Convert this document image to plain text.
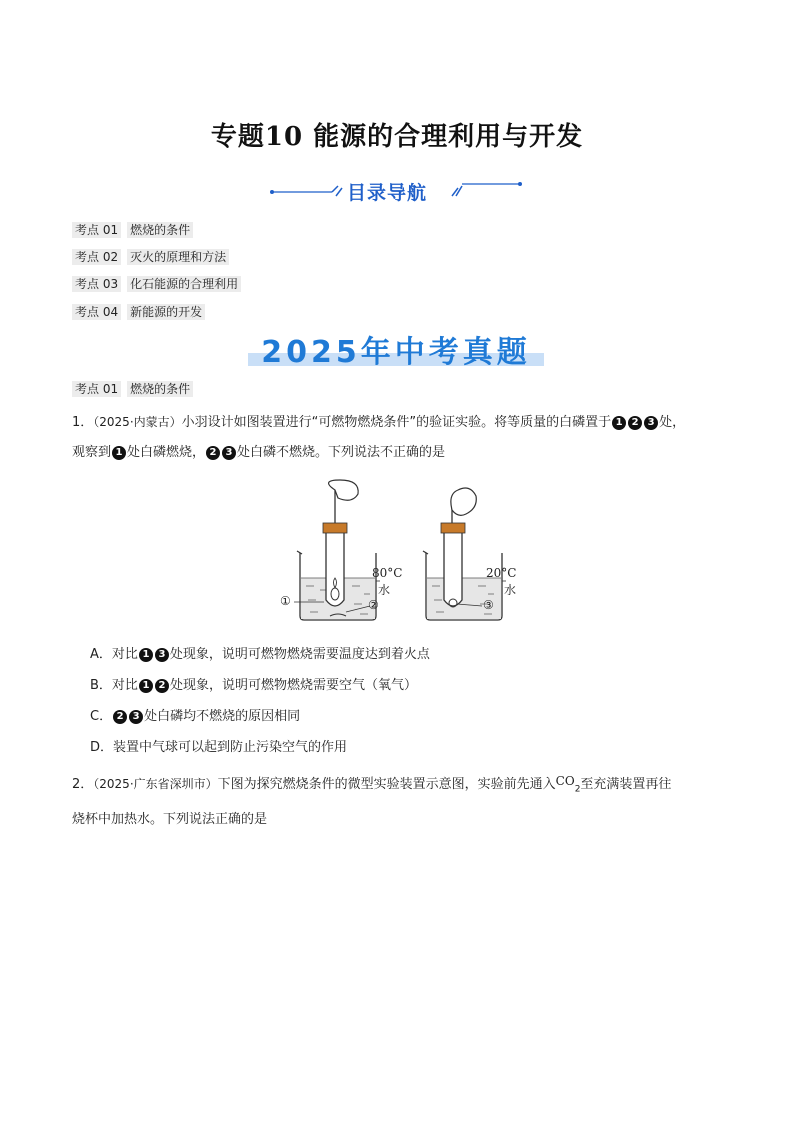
专题10 能源的合理利用与开发
目录导航
考点 01 燃烧的条件
考点 02 灭火的原理和方法
考点 03 化石能源的合理利用
考点 04 新能源的开发
2025年中考真题
考点 01 燃烧的条件
1．（2025·内蒙古）小羽设计如图装置进行“可燃物燃烧条件”的验证实验。将等质量的白磷置于 1 2 3 处，
观察到 1 处白磷燃烧， 2 3 处白磷不燃烧。下列说法不正确的是
80°C
水
①	②
20°C
水
③
A．对比 1 3 处现象，说明可燃物燃烧需要温度达到着火点
B．对比 1 2 处现象，说明可燃物燃烧需要空气（氧气）
C． 2 3 处白磷均不燃烧的原因相同
D．装置中气球可以起到防止污染空气的作用
2．（2025·广东省深圳市）下图为探究燃烧条件的微型实验装置示意图，实验前先通入$CO_2$至充满装置再往
烧杯中加热水。下列说法正确的是
